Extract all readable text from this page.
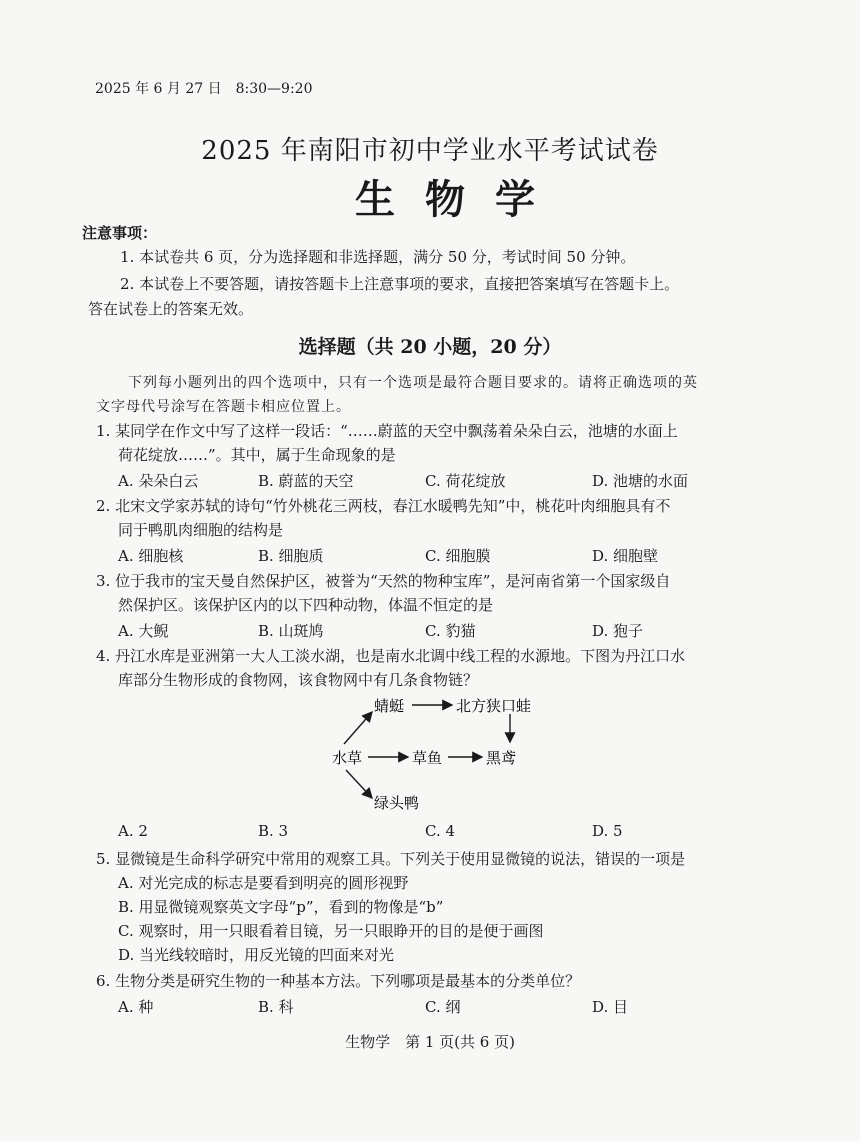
2025 年 6 月 27 日　8:30—9:20
2025 年南阳市初中学业水平考试试卷
生物学
注意事项：
1. 本试卷共 6 页，分为选择题和非选择题，满分 50 分，考试时间 50 分钟。
2. 本试卷上不要答题，请按答题卡上注意事项的要求，直接把答案填写在答题卡上。
答在试卷上的答案无效。
选择题（共 20 小题，20 分）
下列每小题列出的四个选项中，只有一个选项是最符合题目要求的。请将正确选项的英
文字母代号涂写在答题卡相应位置上。
1. 某同学在作文中写了这样一段话：“……蔚蓝的天空中飘荡着朵朵白云，池塘的水面上
荷花绽放……”。其中，属于生命现象的是
A. 朵朵白云	B. 蔚蓝的天空	C. 荷花绽放	D. 池塘的水面
2. 北宋文学家苏轼的诗句“竹外桃花三两枝，春江水暖鸭先知”中，桃花叶肉细胞具有不
同于鸭肌肉细胞的结构是
A. 细胞核	B. 细胞质	C. 细胞膜	D. 细胞壁
3. 位于我市的宝天曼自然保护区，被誉为“天然的物种宝库”，是河南省第一个国家级自
然保护区。该保护区内的以下四种动物，体温不恒定的是
A. 大鲵	B. 山斑鸠	C. 豹猫	D. 狍子
4. 丹江水库是亚洲第一大人工淡水湖，也是南水北调中线工程的水源地。下图为丹江口水
库部分生物形成的食物网，该食物网中有几条食物链？
蜻蜓	北方狭口蛙
水草	草鱼	黑鸢
绿头鸭
A. 2	B. 3	C. 4	D. 5
5. 显微镜是生命科学研究中常用的观察工具。下列关于使用显微镜的说法，错误的一项是
A. 对光完成的标志是要看到明亮的圆形视野
B. 用显微镜观察英文字母“p”，看到的物像是“b”
C. 观察时，用一只眼看着目镜，另一只眼睁开的目的是便于画图
D. 当光线较暗时，用反光镜的凹面来对光
6. 生物分类是研究生物的一种基本方法。下列哪项是最基本的分类单位？
A. 种	B. 科	C. 纲	D. 目
生物学　第 1 页(共 6 页)
